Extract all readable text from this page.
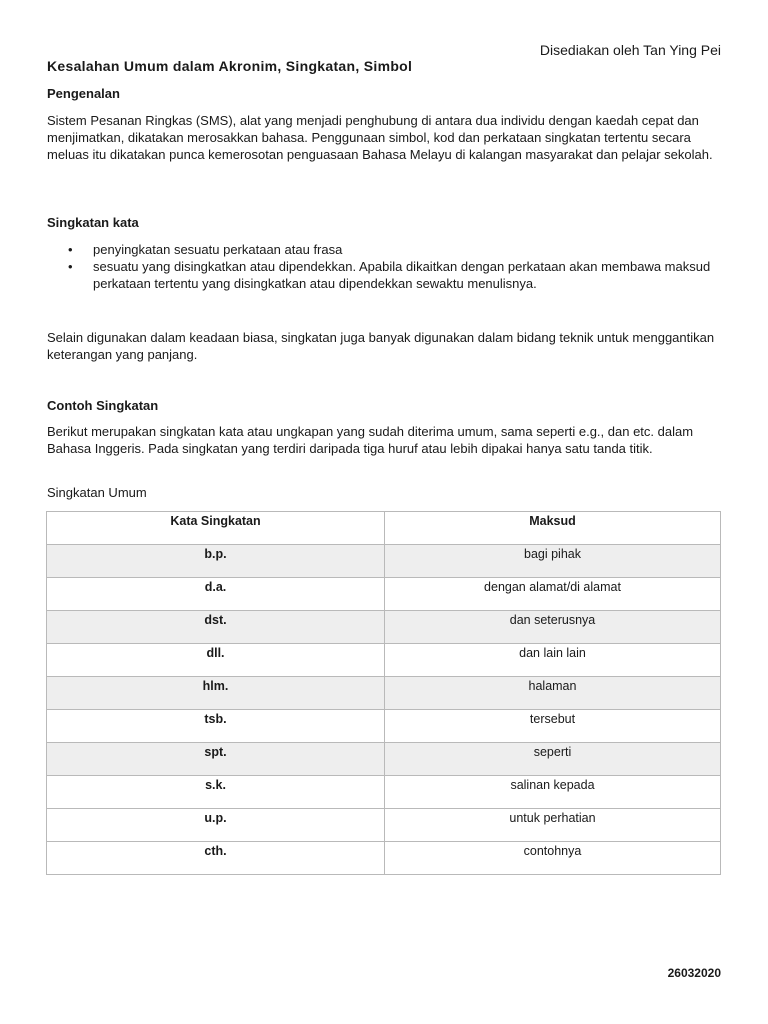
Disediakan oleh Tan Ying Pei
Kesalahan Umum dalam Akronim, Singkatan, Simbol
Pengenalan
Sistem Pesanan Ringkas (SMS), alat yang menjadi penghubung di antara dua individu dengan kaedah cepat dan menjimatkan, dikatakan merosakkan bahasa. Penggunaan simbol, kod dan perkataan singkatan tertentu secara meluas itu dikatakan punca kemerosotan penguasaan Bahasa Melayu di kalangan masyarakat dan pelajar sekolah.
Singkatan kata
• penyingkatan sesuatu perkataan atau frasa
• sesuatu yang disingkatkan atau dipendekkan. Apabila dikaitkan dengan perkataan akan membawa maksud perkataan tertentu yang disingkatkan atau dipendekkan sewaktu menulisnya.
Selain digunakan dalam keadaan biasa, singkatan juga banyak digunakan dalam bidang teknik untuk menggantikan keterangan yang panjang.
Contoh Singkatan
Berikut merupakan singkatan kata atau ungkapan yang sudah diterima umum, sama seperti e.g., dan etc. dalam Bahasa Inggeris. Pada singkatan yang terdiri daripada tiga huruf atau lebih dipakai hanya satu tanda titik.
Singkatan Umum
Kata Singkatan	Maksud
b.p.	bagi pihak
d.a.	dengan alamat/di alamat
dst.	dan seterusnya
dll.	dan lain lain
hlm.	halaman
tsb.	tersebut
spt.	seperti
s.k.	salinan kepada
u.p.	untuk perhatian
cth.	contohnya
26032020
